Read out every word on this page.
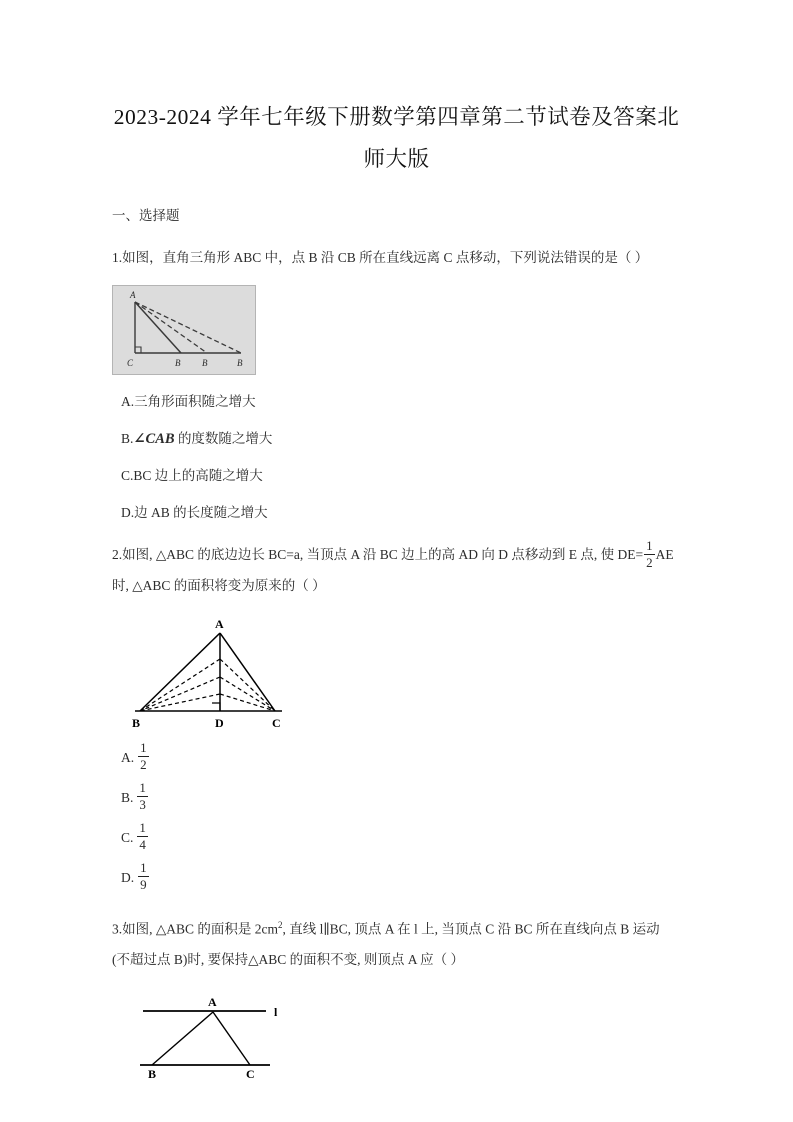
2023-2024 学年七年级下册数学第四章第二节试卷及答案北
师大版
一、选择题
1.如图，直角三角形 ABC 中，点 B 沿 CB 所在直线远离 C 点移动，下列说法错误的是（ ）
A
C	B B	B
A.三角形面积随之增大
B.∠CAB 的度数随之增大
C.BC 边上的高随之增大
D.边 AB 的长度随之增大
2.如图, △ABC 的底边边长 BC=a, 当顶点 A 沿 BC 边上的高 AD 向 D 点移动到 E 点, 使 $DE= \frac{1}{2}$ AE
时, △ABC 的面积将变为原来的（ ）
A
B	D	C
A. $\frac{1}{2}$
B. $\frac{1}{3}$
C. $\frac{1}{4}$
D. $\frac{1}{9}$
3.如图, △ABC 的面积是 $2cm^2$, 直线 l∥BC, 顶点 A 在 l 上, 当顶点 C 沿 BC 所在直线向点 B 运动
(不超过点 B)时, 要保持△ABC 的面积不变, 则顶点 A 应（ ）
A
B	C
l
